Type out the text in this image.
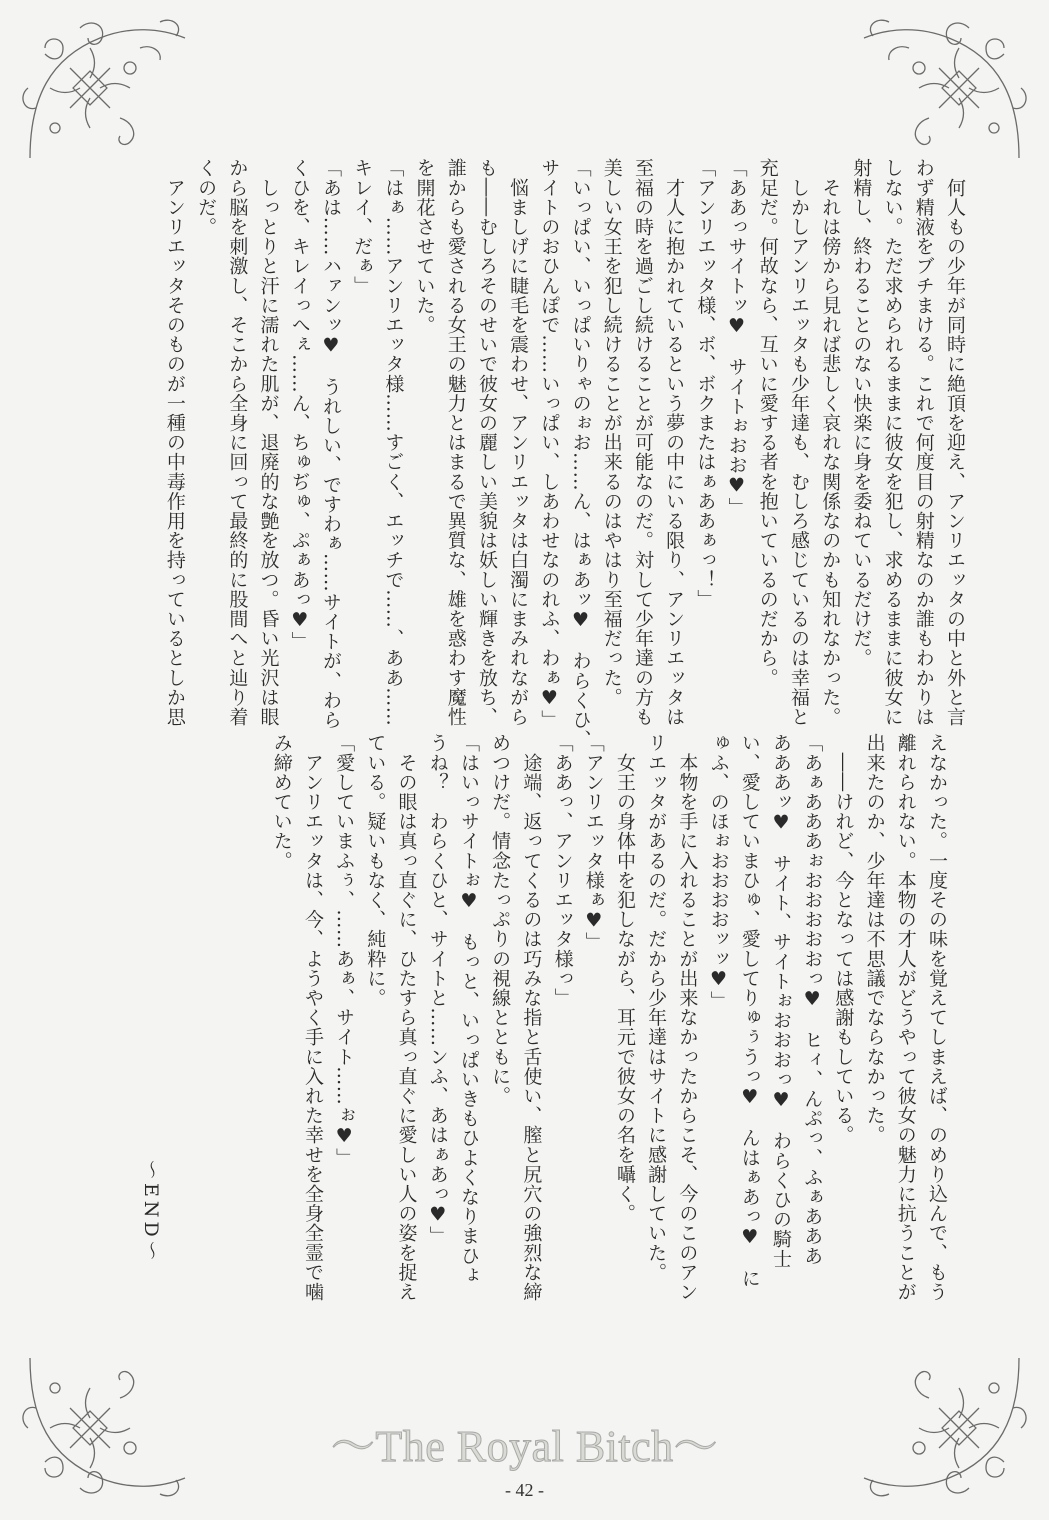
　何人もの少年が同時に絶頂を迎え、アンリエッタの中と外と言

わず精液をブチまける。これで何度目の射精なのか誰もわかりは

しない。ただ求められるままに彼女を犯し、求めるままに彼女に

射精し、終わることのない快楽に身を委ねているだけだ。

　それは傍から見れば悲しく哀れな関係なのかも知れなかった。

　しかしアンリエッタも少年達も、むしろ感じているのは幸福と

充足だ。何故なら、互いに愛する者を抱いているのだから。

「ああっサイトッ♥　サイトぉおお♥」

「アンリエッタ様、ボ、ボクまたはぁああぁっ！」

　才人に抱かれているという夢の中にいる限り、アンリエッタは

至福の時を過ごし続けることが可能なのだ。対して少年達の方も

美しい女王を犯し続けることが出来るのはやはり至福だった。

「いっぱい、いっぱいりゃのぉお……ん、はぁあッ♥　わらくひ、

サイトのおひんぽで……いっぱい、しあわせなのれふ、わぁ♥」

　悩ましげに睫毛を震わせ、アンリエッタは白濁にまみれながら

も――むしろそのせいで彼女の麗しい美貌は妖しい輝きを放ち、

誰からも愛される女王の魅力とはまるで異質な、雄を惑わす魔性

を開花させていた。

「はぁ……アンリエッタ様……すごく、エッチで……、ああ……

キレイ、だぁ」

「あは……ハァンッ♥　うれしい、ですわぁ……サイトが、わら

くひを、キレイっへぇ……ん、ちゅぢゅ、ぷぁあっ♥」

　しっとりと汗に濡れた肌が、退廃的な艶を放つ。昏い光沢は眼

から脳を刺激し、そこから全身に回って最終的に股間へと辿り着

くのだ。

　アンリエッタそのものが一種の中毒作用を持っているとしか思

えなかった。一度その味を覚えてしまえば、のめり込んで、もう

離れられない。本物の才人がどうやって彼女の魅力に抗うことが

出来たのか、少年達は不思議でならなかった。

　――けれど、今となっては感謝もしている。

「あぁあああぉおおおおおっ♥　ヒィ、んぷっ、ふぁあああ

あああッ♥　サイト、サイトぉおおおっ♥　わらくひの騎士

い、愛していまひゅ、愛してりゅぅうっ♥　んはぁあっ♥　に

ゅふ、のほぉおおおおッッ♥」

　本物を手に入れることが出来なかったからこそ、今のこのアン

リエッタがあるのだ。だから少年達はサイトに感謝していた。

　女王の身体中を犯しながら、耳元で彼女の名を囁く。

「アンリエッタ様ぁ♥」

「ああっ、アンリエッタ様っ」

　途端、返ってくるのは巧みな指と舌使い、膣と尻穴の強烈な締

めつけだ。情念たっぷりの視線とともに。

「はいっサイトぉ♥　もっと、いっぱいきもひよくなりまひょ

うね？　わらくひと、サイトと……ンふ、あはぁあっ♥」

　その眼は真っ直ぐに、ひたすら真っ直ぐに愛しい人の姿を捉え

ている。疑いもなく、純粋に。

「愛していまふぅ、……あぁ、サイト……ぉ♥」

　アンリエッタは、今、ようやく手に入れた幸せを全身全霊で噛

み締めていた。

～END～
～The Royal Bitch～
- 42 -
